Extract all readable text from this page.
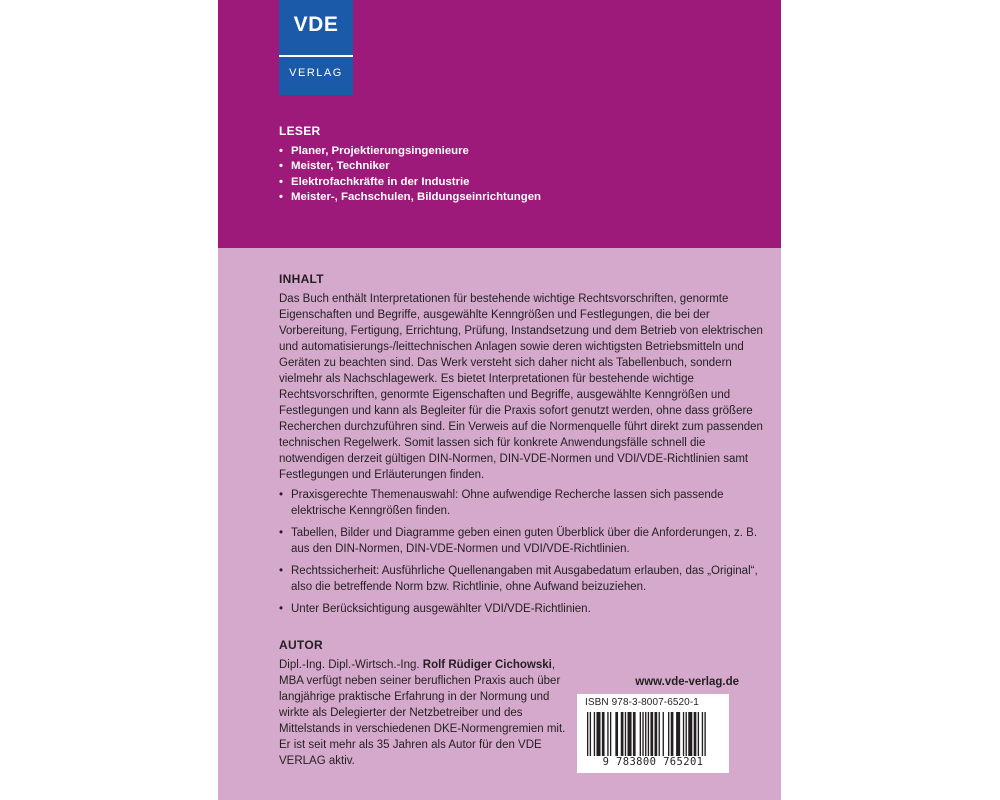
VDE
VERLAG
LESER
• Planer, Projektierungsingenieure
• Meister, Techniker
• Elektrofachkräfte in der Industrie
• Meister-, Fachschulen, Bildungseinrichtungen
INHALT

Das Buch enthält Interpretationen für bestehende wichtige Rechtsvorschriften, genormte Eigenschaften und Begriffe, ausgewählte Kenngrößen und Festlegungen, die bei der Vorbereitung, Fertigung, Errichtung, Prüfung, Instandsetzung und dem Betrieb von elektrischen und automatisierungs-/leittechnischen Anlagen sowie deren wichtigsten Betriebsmitteln und Geräten zu beachten sind. Das Werk versteht sich daher nicht als Tabellenbuch, sondern vielmehr als Nachschlagewerk. Es bietet Interpretationen für bestehende wichtige Rechtsvorschriften, genormte Eigenschaften und Begriffe, ausgewählte Kenngrößen und Festlegungen und kann als Begleiter für die Praxis sofort genutzt werden, ohne dass größere Recherchen durchzuführen sind. Ein Verweis auf die Normenquelle führt direkt zum passenden technischen Regelwerk. Somit lassen sich für konkrete Anwendungsfälle schnell die notwendigen derzeit gültigen DIN-Normen, DIN-VDE-Normen und VDI/VDE-Richtlinien samt Festlegungen und Erläuterungen finden.

• Praxisgerechte Themenauswahl: Ohne aufwendige Recherche lassen sich passende elektrische Kenngrößen finden.
• Tabellen, Bilder und Diagramme geben einen guten Überblick über die Anforderungen, z. B. aus den DIN-Normen, DIN-VDE-Normen und VDI/VDE-Richtlinien.
• Rechtssicherheit: Ausführliche Quellenangaben mit Ausgabedatum erlauben, das „Original“, also die betreffende Norm bzw. Richtlinie, ohne Aufwand beizuziehen.
• Unter Berücksichtigung ausgewählter VDI/VDE-Richtlinien.
AUTOR

Dipl.-Ing. Dipl.-Wirtsch.-Ing. Rolf Rüdiger Cichowski, MBA verfügt neben seiner beruflichen Praxis auch über langjährige praktische Erfahrung in der Normung und wirkte als Delegierter der Netzbetreiber und des Mittelstands in verschiedenen DKE-Normengremien mit. Er ist seit mehr als 35 Jahren als Autor für den VDE VERLAG aktiv.

www.vde-verlag.de
ISBN 978-3-8007-6520-1
9 783800 765201
